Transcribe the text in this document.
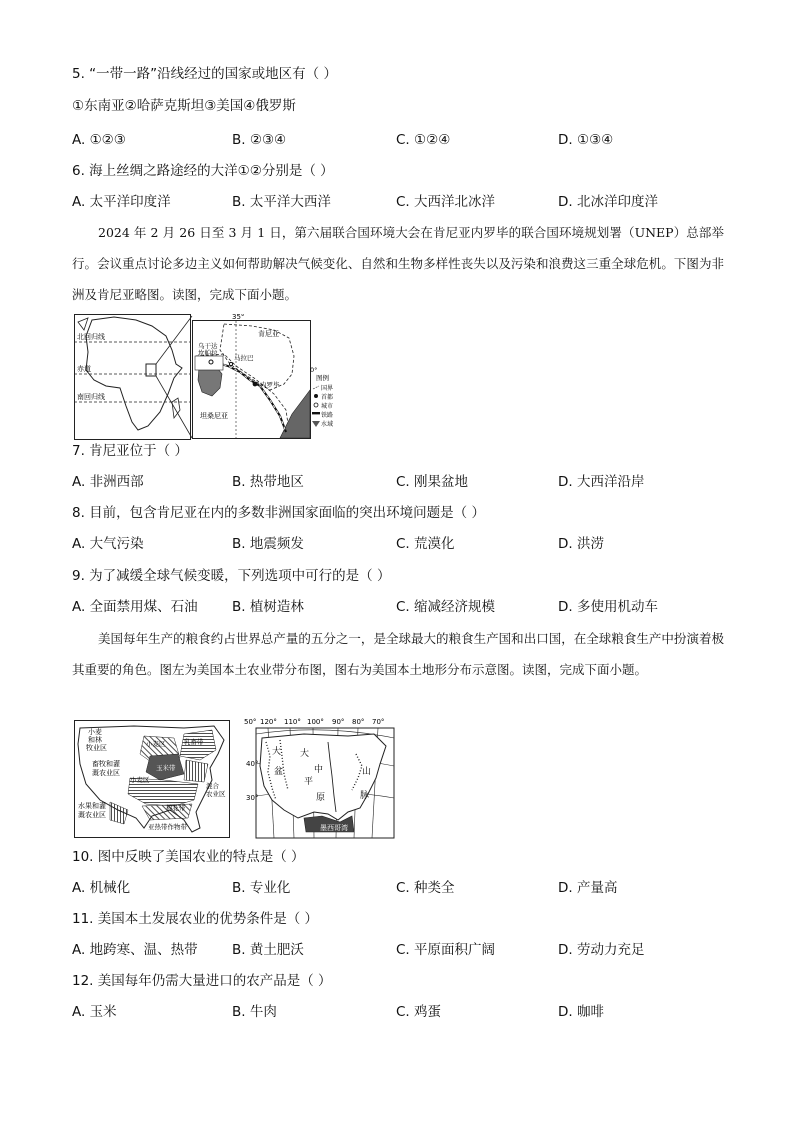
5. “一带一路”沿线经过的国家或地区有（ ）
①东南亚②哈萨克斯坦③美国④俄罗斯
A. ①②③	B. ②③④	C. ①②④	D. ①③④
6. 海上丝绸之路途经的大洋①②分别是（ ）
A. 太平洋印度洋	B. 太平洋大西洋	C. 大西洋北冰洋	D. 北冰洋印度洋
2024 年 2 月 26 日至 3 月 1 日，第六届联合国环境大会在肯尼亚内罗毕的联合国环境规划署（UNEP）总部举行。会议重点讨论多边主义如何帮助解决气候变化、自然和生物多样性丧失以及污染和浪费这三重全球危机。下图为非洲及肯尼亚略图。读图，完成下面小题。
北回归线
赤道
南回归线
35°
肯尼亚
乌干达
坎帕拉
马拉巴
内罗毕
坦桑尼亚
0°
图例
国界
首都
城市
铁路
水域
7. 肯尼亚位于（ ）
A. 非洲西部	B. 热带地区	C. 刚果盆地	D. 大西洋沿岸
8. 目前，包含肯尼亚在内的多数非洲国家面临的突出环境问题是（ ）
A. 大气污染	B. 地震频发	C. 荒漠化	D. 洪涝
9. 为了减缓全球气候变暖，下列选项中可行的是（ ）
A. 全面禁用煤、石油	B. 植树造林	C. 缩减经济规模	D. 多使用机动车
美国每年生产的粮食约占世界总产量的五分之一，是全球最大的粮食生产国和出口国，在全球粮食生产中扮演着极其重要的角色。图左为美国本土农业带分布图，图右为美国本土地形分布示意图。读图，完成下面小题。
小麦
和林
牧业区	小麦区	乳畜带
畜牧和灌
溉农业区
玉米带
小麦区
混合
农业区
棉花带
水果和灌
溉农业区
亚热带作物带
50° 120° 110° 100° 90° 80° 70°
40°
30°
大
盆
大
中
平
原
山
脉
墨西哥湾
10. 图中反映了美国农业的特点是（ ）
A. 机械化	B. 专业化	C. 种类全	D. 产量高
11. 美国本土发展农业的优势条件是（ ）
A. 地跨寒、温、热带	B. 黄土肥沃	C. 平原面积广阔	D. 劳动力充足
12. 美国每年仍需大量进口的农产品是（ ）
A. 玉米	B. 牛肉	C. 鸡蛋	D. 咖啡
